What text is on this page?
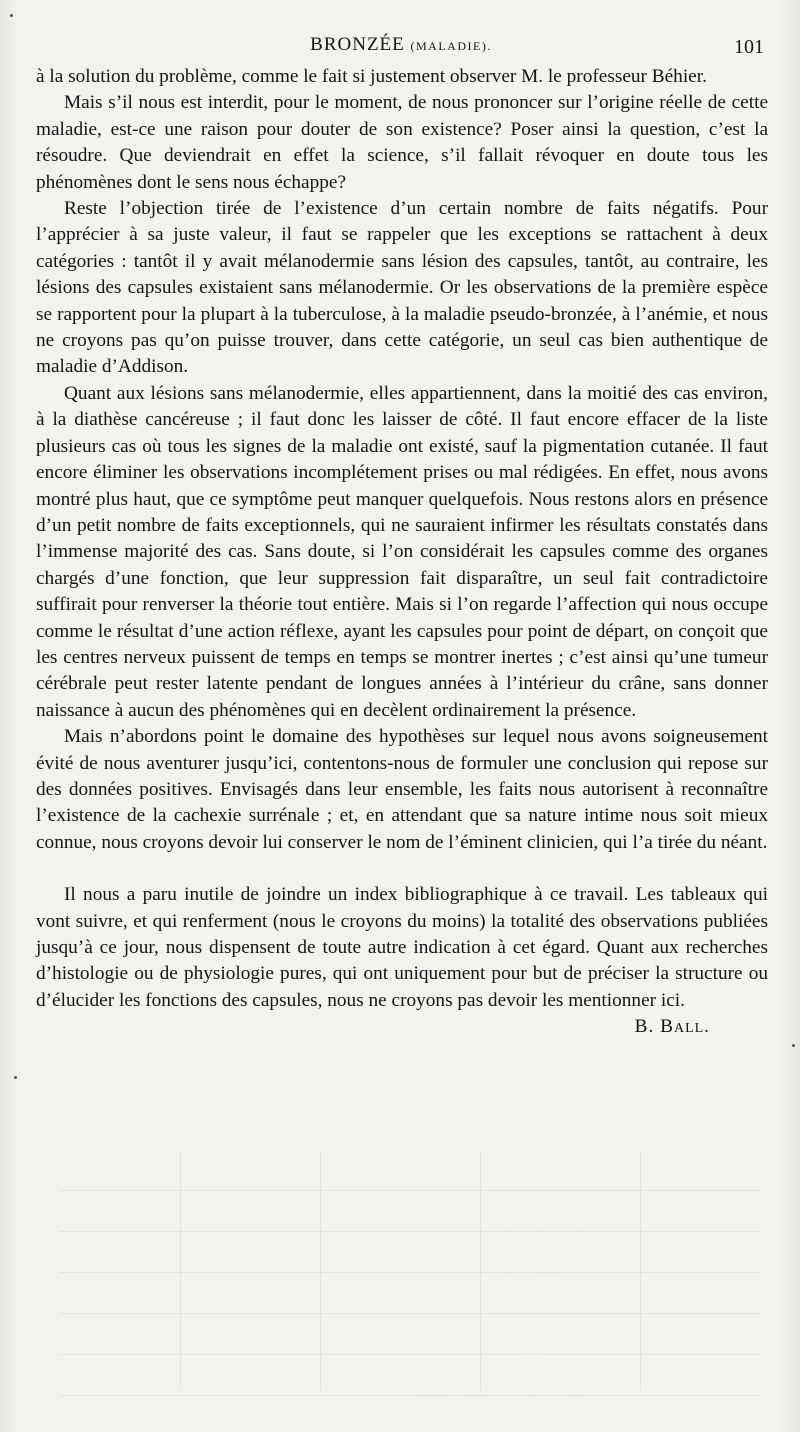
BRONZÉE (MALADIE).	101

à la solution du problème, comme le fait si justement observer M. le professeur Béhier.

Mais s’il nous est interdit, pour le moment, de nous prononcer sur l’origine réelle de cette maladie, est-ce une raison pour douter de son existence? Poser ainsi la question, c’est la résoudre. Que deviendrait en effet la science, s’il fallait révoquer en doute tous les phénomènes dont le sens nous échappe?

Reste l’objection tirée de l’existence d’un certain nombre de faits négatifs. Pour l’apprécier à sa juste valeur, il faut se rappeler que les exceptions se rattachent à deux catégories : tantôt il y avait mélanodermie sans lésion des capsules, tantôt, au contraire, les lésions des capsules existaient sans mélanodermie. Or les observations de la première espèce se rapportent pour la plupart à la tuberculose, à la maladie pseudo-bronzée, à l’anémie, et nous ne croyons pas qu’on puisse trouver, dans cette catégorie, un seul cas bien authentique de maladie d’Addison.

Quant aux lésions sans mélanodermie, elles appartiennent, dans la moitié des cas environ, à la diathèse cancéreuse ; il faut donc les laisser de côté. Il faut encore effacer de la liste plusieurs cas où tous les signes de la maladie ont existé, sauf la pigmentation cutanée. Il faut encore éliminer les observations incomplétement prises ou mal rédigées. En effet, nous avons montré plus haut, que ce symptôme peut manquer quelquefois. Nous restons alors en présence d’un petit nombre de faits exceptionnels, qui ne sauraient infirmer les résultats constatés dans l’immense majorité des cas. Sans doute, si l’on considérait les capsules comme des organes chargés d’une fonction, que leur suppression fait disparaître, un seul fait contradictoire suffirait pour renverser la théorie tout entière. Mais si l’on regarde l’affection qui nous occupe comme le résultat d’une action réflexe, ayant les capsules pour point de départ, on conçoit que les centres nerveux puissent de temps en temps se montrer inertes ; c’est ainsi qu’une tumeur cérébrale peut rester latente pendant de longues années à l’intérieur du crâne, sans donner naissance à aucun des phénomènes qui en decèlent ordinairement la présence.

Mais n’abordons point le domaine des hypothèses sur lequel nous avons soigneusement évité de nous aventurer jusqu’ici, contentons-nous de formuler une conclusion qui repose sur des données positives. Envisagés dans leur ensemble, les faits nous autorisent à reconnaître l’existence de la cachexie surrénale ; et, en attendant que sa nature intime nous soit mieux connue, nous croyons devoir lui conserver le nom de l’éminent clinicien, qui l’a tirée du néant.

Il nous a paru inutile de joindre un index bibliographique à ce travail. Les tableaux qui vont suivre, et qui renferment (nous le croyons du moins) la totalité des observations publiées jusqu’à ce jour, nous dispensent de toute autre indication à cet égard. Quant aux recherches d’histologie ou de physiologie pures, qui ont uniquement pour but de préciser la structure ou d’élucider les fonctions des capsules, nous ne croyons pas devoir les mentionner ici.
B. Ball.
